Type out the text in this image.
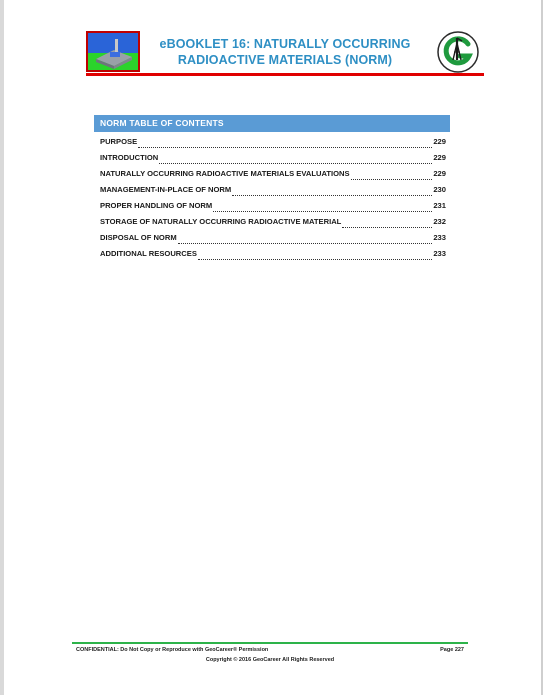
eBOOKLET 16: NATURALLY OCCURRING
RADIOACTIVE MATERIALS (NORM)
NORM TABLE OF CONTENTS
PURPOSE	229
INTRODUCTION	229
NATURALLY OCCURRING RADIOACTIVE MATERIALS EVALUATIONS	229
MANAGEMENT-IN-PLACE OF NORM	230
PROPER HANDLING OF NORM	231
STORAGE OF NATURALLY OCCURRING RADIOACTIVE MATERIAL	232
DISPOSAL OF NORM	233
ADDITIONAL RESOURCES	233
CONFIDENTIAL: Do Not Copy or Reproduce with GeoCareer® Permission	Page 227
Copyright © 2016 GeoCareer All Rights Reserved
